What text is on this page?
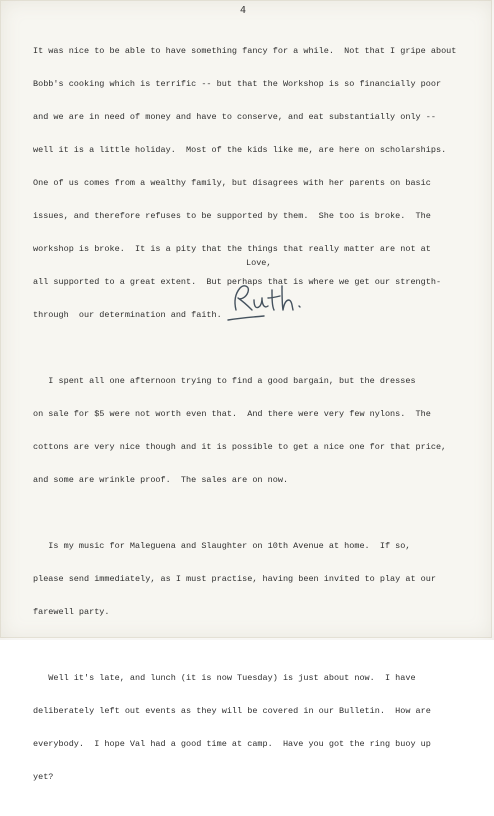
4

It was nice to be able to have something fancy for a while.  Not that I gripe about

Bobb's cooking which is terrific -- but that the Workshop is so financially poor

and we are in need of money and have to conserve, and eat substantially only --

well it is a little holiday.  Most of the kids like me, are here on scholarships.

One of us comes from a wealthy family, but disagrees with her parents on basic

issues, and therefore refuses to be supported by them.  She too is broke.  The

workshop is broke.  It is a pity that the things that really matter are not at

all supported to a great extent.  But perhaps that is where we get our strength-

through  our determination and faith.

I spent all one afternoon trying to find a good bargain, but the dresses

on sale for $5 were not worth even that.  And there were very few nylons.  The

cottons are very nice though and it is possible to get a nice one for that price,

and some are wrinkle proof.  The sales are on now.

Is my music for Maleguena and Slaughter on 10th Avenue at home.  If so,

please send immediately, as I must practise, having been invited to play at our

farewell party.

Well it's late, and lunch (it is now Tuesday) is just about now.  I have

deliberately left out events as they will be covered in our Bulletin.  How are

everybody.  I hope Val had a good time at camp.  Have you got the ring buoy up

yet?

Love,
